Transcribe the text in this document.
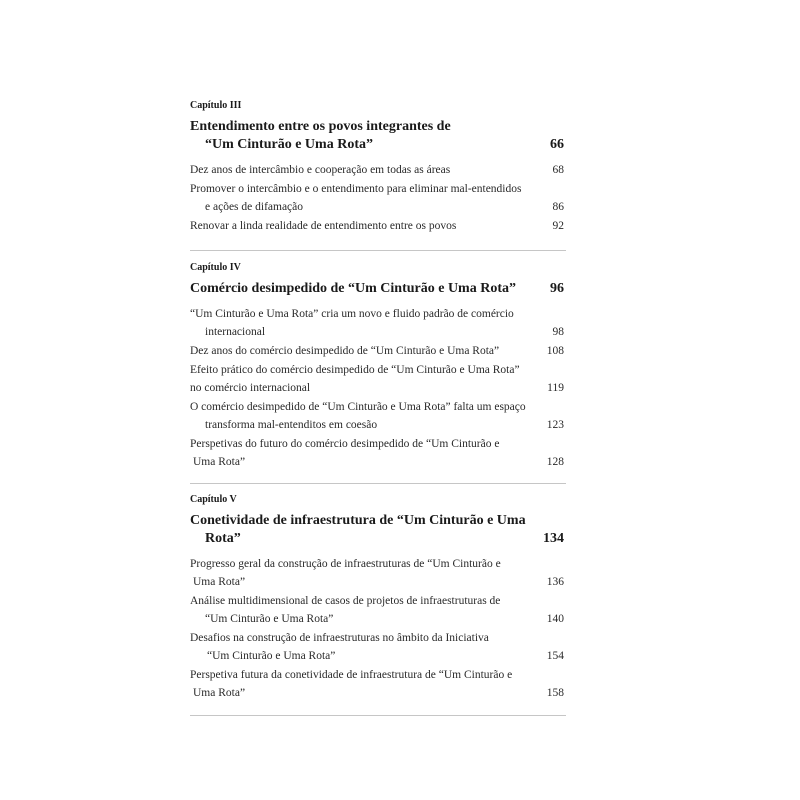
Capítulo III
Entendimento entre os povos integrantes de
“Um Cinturão e Uma Rota”	66
Dez anos de intercâmbio e cooperação em todas as áreas	68
Promover o intercâmbio e o entendimento para eliminar mal-entendidos
e ações de difamação	86
Renovar a linda realidade de entendimento entre os povos	92
Capítulo IV
Comércio desimpedido de “Um Cinturão e Uma Rota”	96
“Um Cinturão e Uma Rota” cria um novo e fluido padrão de comércio
internacional	98
Dez anos do comércio desimpedido de “Um Cinturão e Uma Rota”	108
Efeito prático do comércio desimpedido de “Um Cinturão e Uma Rota”
no comércio internacional	119
O comércio desimpedido de “Um Cinturão e Uma Rota” falta um espaço
transforma mal-entenditos em coesão	123
Perspetivas do futuro do comércio desimpedido de “Um Cinturão e
Uma Rota”	128
Capítulo V
Conetividade de infraestrutura de “Um Cinturão e Uma
Rota”	134
Progresso geral da construção de infraestruturas de “Um Cinturão e
Uma Rota”	136
Análise multidimensional de casos de projetos de infraestruturas de
“Um Cinturão e Uma Rota”	140
Desafios na construção de infraestruturas no âmbito da Iniciativa
“Um Cinturão e Uma Rota”	154
Perspetiva futura da conetividade de infraestrutura de “Um Cinturão e
Uma Rota”	158
